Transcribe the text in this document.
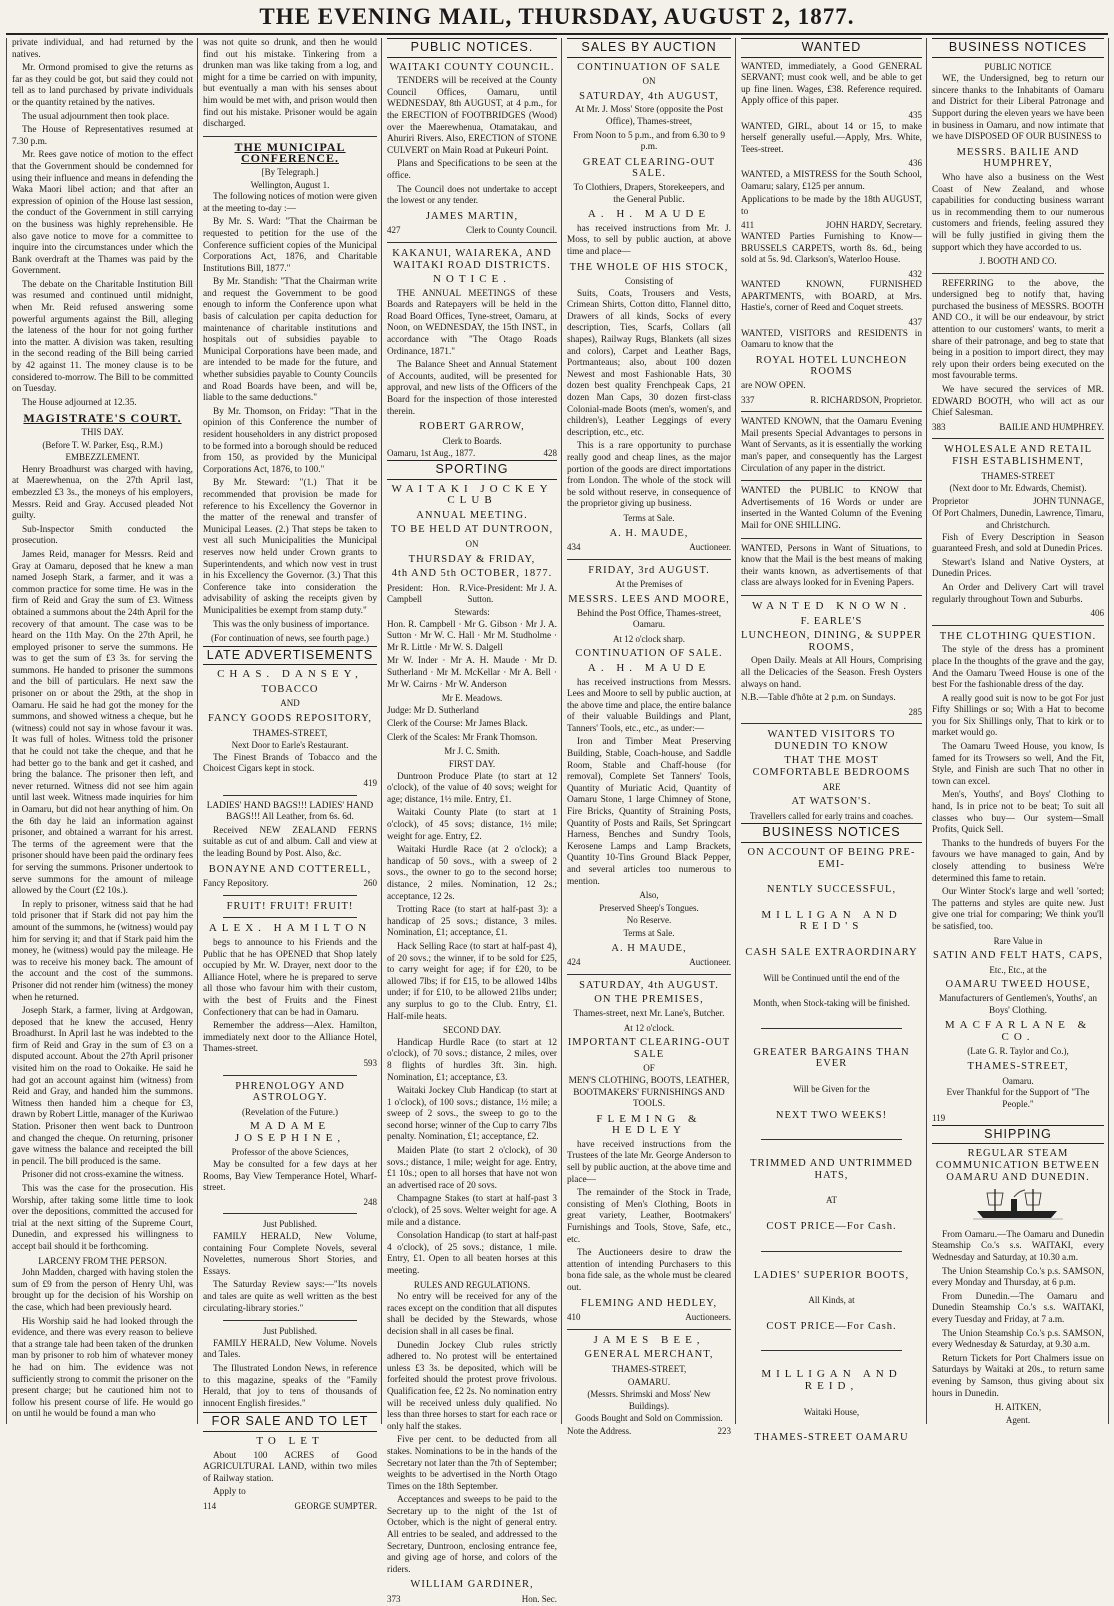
THE EVENING MAIL, THURSDAY, AUGUST 2, 1877.

private individual, and had returned by the natives.

Mr. Ormond promised to give the returns as far as they could be got, but said they could not tell as to land purchased by private individuals or the quantity retained by the natives.

The usual adjournment then took place.

The House of Representatives resumed at 7.30 p.m.

Mr. Rees gave notice of motion to the effect that the Government should be condemned for using their influence and means in defending the Waka Maori libel action; and that after an expression of opinion of the House last session, the conduct of the Government in still carrying on the business was highly reprehensible. He also gave notice to move for a committee to inquire into the circumstances under which the Bank overdraft at the Thames was paid by the Government.

The debate on the Charitable Institution Bill was resumed and continued until midnight, when Mr. Reid refused answering some powerful arguments against the Bill, alleging the lateness of the hour for not going further into the matter. A division was taken, resulting in the second reading of the Bill being carried by 42 against 11. The money clause is to be considered to-morrow. The Bill to be committed on Tuesday.

The House adjourned at 12.35.

MAGISTRATE'S COURT.
THIS DAY.
(Before T. W. Parker, Esq., R.M.)
EMBEZZLEMENT.

Henry Broadhurst was charged with having, at Maerewhenua, on the 27th April last, embezzled £3 3s., the moneys of his employers, Messrs. Reid and Gray. Accused pleaded Not guilty.

Sub-Inspector Smith conducted the prosecution.

James Reid, manager for Messrs. Reid and Gray at Oamaru, deposed that he knew a man named Joseph Stark, a farmer, and it was a common practice for some time. He was in the firm of Reid and Gray the sum of £3. Witness obtained a summons about the 24th April for the recovery of that amount. The case was to be heard on the 11th May. On the 27th April, he employed prisoner to serve the summons. He was to get the sum of £3 3s. for serving the summons. He handed to prisoner the summons and the bill of particulars. He next saw the prisoner on or about the 29th, at the shop in Oamaru. He said he had got the money for the summons, and showed witness a cheque, but he (witness) could not say in whose favour it was. It was full of holes. Witness told the prisoner that he could not take the cheque, and that he had better go to the bank and get it cashed, and bring the balance. The prisoner then left, and never returned. Witness did not see him again until last week. Witness made inquiries for him in Oamaru, but did not hear anything of him. On the 6th day he laid an information against prisoner, and obtained a warrant for his arrest. The terms of the agreement were that the prisoner should have been paid the ordinary fees for serving the summons. Prisoner undertook to serve summons for the amount of mileage allowed by the Court (£2 10s.).

In reply to prisoner, witness said that he had told prisoner that if Stark did not pay him the amount of the summons, he (witness) would pay him for serving it; and that if Stark paid him the money, he (witness) would pay the mileage. He was to receive his money back. The amount of the account and the cost of the summons. Prisoner did not render him (witness) the money when he returned.

Joseph Stark, a farmer, living at Ardgowan, deposed that he knew the accused, Henry Broadhurst. In April last he was indebted to the firm of Reid and Gray in the sum of £3 on a disputed account. About the 27th April prisoner visited him on the road to Ookaike. He said he had got an account against him (witness) from Reid and Gray, and handed him the summons. Witness then handed him a cheque for £3, drawn by Robert Little, manager of the Kuriwao Station. Prisoner then went back to Duntroon and changed the cheque. On returning, prisoner gave witness the balance and receipted the bill in pencil. The bill produced is the same.

Prisoner did not cross-examine the witness.

This was the case for the prosecution. His Worship, after taking some little time to look over the depositions, committed the accused for trial at the next sitting of the Supreme Court, Dunedin, and expressed his willingness to accept bail should it be forthcoming.

LARCENY FROM THE PERSON.

John Madden, charged with having stolen the sum of £9 from the person of Henry Uhl, was brought up for the decision of his Worship on the case, which had been previously heard.

His Worship said he had looked through the evidence, and there was every reason to believe that a strange tale had been taken of the drunken man by prisoner to rob him of whatever money he had on him. The evidence was not sufficiently strong to commit the prisoner on the present charge; but he cautioned him not to follow his present course of life. He would go on until he would be found a man who

was not quite so drunk, and then he would find out his mistake. Tinkering from a drunken man was like taking from a log, and might for a time be carried on with impunity, but eventually a man with his senses about him would be met with, and prison would then find out his mistake. Prisoner would be again discharged.

THE MUNICIPAL CONFERENCE.
[By Telegraph.]
Wellington, August 1.

The following notices of motion were given at the meeting to-day :—

By Mr. S. Ward: "That the Chairman be requested to petition for the use of the Conference sufficient copies of the Municipal Corporations Act, 1876, and Charitable Institutions Bill, 1877."

By Mr. Standish: "That the Chairman write and request the Government to be good enough to inform the Conference upon what basis of calculation per capita deduction for maintenance of charitable institutions and hospitals out of subsidies payable to Municipal Corporations have been made, and are intended to be made for the future, and whether subsidies payable to County Councils and Road Boards have been, and will be, liable to the same deductions."

By Mr. Thomson, on Friday: "That in the opinion of this Conference the number of resident householders in any district proposed to be formed into a borough should be reduced from 150, as provided by the Municipal Corporations Act, 1876, to 100."

By Mr. Steward: "(1.) That it be recommended that provision be made for reference to his Excellency the Governor in the matter of the renewal and transfer of Municipal Leases. (2.) That steps be taken to vest all such Municipalities the Municipal reserves now held under Crown grants to Superintendents, and which now vest in trust in his Excellency the Governor. (3.) That this Conference take into consideration the advisability of asking the receipts given by Municipalities be exempt from stamp duty."

This was the only business of importance.

(For continuation of news, see fourth page.)
LATE ADVERTISEMENTS
CHAS. DANSEY,
TOBACCO
AND
FANCY GOODS REPOSITORY,
THAMES-STREET,
Next Door to Earle's Restaurant.

The Finest Brands of Tobacco and the Choicest Cigars kept in stock.

419

LADIES' HAND BAGS!!! LADIES' HAND BAGS!!! All Leather, from 6s. 6d.

Received NEW ZEALAND FERNS suitable as cut of and album. Call and view at the leading Bound by Post. Also, &c.

BONAYNE AND COTTERELL,
Fancy Repository.	260
FRUIT! FRUIT! FRUIT!
ALEX. HAMILTON

begs to announce to his Friends and the Public that he has OPENED that Shop lately occupied by Mr. W. Drayer, next door to the Alliance Hotel, where he is prepared to serve all those who favour him with their custom, with the best of Fruits and the Finest Confectionery that can be had in Oamaru.

Remember the address—Alex. Hamilton, immediately next door to the Alliance Hotel, Thames-street.

593
PHRENOLOGY AND ASTROLOGY.
(Revelation of the Future.)
MADAME JOSEPHINE,
Professor of the above Sciences,

May be consulted for a few days at her Rooms, Bay View Temperance Hotel, Wharf-street.

248
Just Published.

FAMILY HERALD, New Volume, containing Four Complete Novels, several Novelettes, numerous Short Stories, and Essays.

The Saturday Review says:—"Its novels and tales are quite as well written as the best circulating-library stories."

Just Published.

FAMILY HERALD, New Volume. Novels and Tales.

The Illustrated London News, in reference to this magazine, speaks of the "Family Herald, that joy to tens of thousands of innocent English firesides."

FOR SALE AND TO LET
TO LET

About 100 ACRES of Good AGRICULTURAL LAND, within two miles of Railway station.

Apply to

114	GEORGE SUMPTER.
PUBLIC NOTICES.
WAITAKI COUNTY COUNCIL.

TENDERS will be received at the County Council Offices, Oamaru, until WEDNESDAY, 8th AUGUST, at 4 p.m., for the ERECTION of FOOTBRIDGES (Wood) over the Maerewhenua, Otamatakau, and Ahuriri Rivers. Also, ERECTION of STONE CULVERT on Main Road at Pukeuri Point.

Plans and Specifications to be seen at the office.

The Council does not undertake to accept the lowest or any tender.

JAMES MARTIN,
427	Clerk to County Council.
KAKANUI, WAIAREKA, AND WAITAKI ROAD DISTRICTS.
NOTICE.

THE ANNUAL MEETINGS of these Boards and Ratepayers will be held in the Road Board Offices, Tyne-street, Oamaru, at Noon, on WEDNESDAY, the 15th INST., in accordance with "The Otago Roads Ordinance, 1871."

The Balance Sheet and Annual Statement of Accounts, audited, will be presented for approval, and new lists of the Officers of the Board for the inspection of those interested therein.

ROBERT GARROW,
Clerk to Boards.
Oamaru, 1st Aug., 1877.	428
SPORTING
WAITAKI JOCKEY CLUB
ANNUAL MEETING.
TO BE HELD AT DUNTROON,
ON
THURSDAY & FRIDAY,
4th AND 5th OCTOBER, 1877.
President: Hon. R. Campbell
Vice-President: Mr J. A. Sutton.
Stewards:

Hon. R. Campbell · Mr G. Gibson · Mr J. A. Sutton · Mr W. C. Hall · Mr M. Studholme · Mr R. Little · Mr W. S. Dalgell

Mr W. Inder · Mr A. H. Maude · Mr D. Sutherland · Mr M. McKellar · Mr A. Bell · Mr W. Cairns · Mr W. Anderson

Mr E. Meadows.

Judge: Mr D. Sutherland

Clerk of the Course: Mr James Black.

Clerk of the Scales: Mr Frank Thomson.

Mr J. C. Smith.
FIRST DAY.

Duntroon Produce Plate (to start at 12 o'clock), of the value of 40 sovs; weight for age; distance, 1½ mile. Entry, £1.

Waitaki County Plate (to start at 1 o'clock), of 45 sovs; distance, 1½ mile; weight for age. Entry, £2.

Waitaki Hurdle Race (at 2 o'clock); a handicap of 50 sovs., with a sweep of 2 sovs., the owner to go to the second horse; distance, 2 miles. Nomination, 12 2s.; acceptance, 12 2s.

Trotting Race (to start at half-past 3): a handicap of 25 sovs.; distance, 3 miles. Nomination, £1; acceptance, £1.

Hack Selling Race (to start at half-past 4), of 20 sovs.; the winner, if to be sold for £25, to carry weight for age; if for £20, to be allowed 7lbs; if for £15, to be allowed 14lbs under; if for £10, to be allowed 21lbs under; any surplus to go to the Club. Entry, £1. Half-mile heats.

SECOND DAY.

Handicap Hurdle Race (to start at 12 o'clock), of 70 sovs.; distance, 2 miles, over 8 flights of hurdles 3ft. 3in. high. Nomination, £1; acceptance, £3.

Waitaki Jockey Club Handicap (to start at 1 o'clock), of 100 sovs.; distance, 1½ mile; a sweep of 2 sovs., the sweep to go to the second horse; winner of the Cup to carry 7lbs penalty. Nomination, £1; acceptance, £2.

Maiden Plate (to start 2 o'clock), of 30 sovs.; distance, 1 mile; weight for age. Entry, £1 10s.; open to all horses that have not won an advertised race of 20 sovs.

Champagne Stakes (to start at half-past 3 o'clock), of 25 sovs. Welter weight for age. A mile and a distance.

Consolation Handicap (to start at half-past 4 o'clock), of 25 sovs.; distance, 1 mile. Entry, £1. Open to all beaten horses at this meeting.

RULES AND REGULATIONS.

No entry will be received for any of the races except on the condition that all disputes shall be decided by the Stewards, whose decision shall in all cases be final.

Dunedin Jockey Club rules strictly adhered to. No protest will be entertained unless £3 3s. be deposited, which will be forfeited should the protest prove frivolous. Qualification fee, £2 2s. No nomination entry will be received unless duly qualified. No less than three horses to start for each race or only half the stakes.

Five per cent. to be deducted from all stakes. Nominations to be in the hands of the Secretary not later than the 7th of September; weights to be advertised in the North Otago Times on the 18th September.

Acceptances and sweeps to be paid to the Secretary up to the night of the 1st of October, which is the night of general entry. All entries to be sealed, and addressed to the Secretary, Duntroon, enclosing entrance fee, and giving age of horse, and colors of the riders.

WILLIAM GARDINER,
373	Hon. Sec.
SALES BY AUCTION
CONTINUATION OF SALE
ON
SATURDAY, 4th AUGUST,

At Mr. J. Moss' Store (opposite the Post Office), Thames-street,

From Noon to 5 p.m., and from 6.30 to 9 p.m.

GREAT CLEARING-OUT SALE.

To Clothiers, Drapers, Storekeepers, and the General Public.

A. H. MAUDE

has received instructions from Mr. J. Moss, to sell by public auction, at above time and place—

THE WHOLE OF HIS STOCK,
Consisting of

Suits, Coats, Trousers and Vests, Crimean Shirts, Cotton ditto, Flannel ditto, Drawers of all kinds, Socks of every description, Ties, Scarfs, Collars (all shapes), Railway Rugs, Blankets (all sizes and colors), Carpet and Leather Bags, Portmanteaus; also, about 100 dozen Newest and most Fashionable Hats, 30 dozen best quality Frenchpeak Caps, 21 dozen Man Caps, 30 dozen first-class Colonial-made Boots (men's, women's, and children's), Leather Leggings of every description, etc., etc.

This is a rare opportunity to purchase really good and cheap lines, as the major portion of the goods are direct importations from London. The whole of the stock will be sold without reserve, in consequence of the proprietor giving up business.

Terms at Sale.
A. H. MAUDE,
434	Auctioneer.
FRIDAY, 3rd AUGUST.
At the Premises of
MESSRS. LEES AND MOORE,

Behind the Post Office, Thames-street, Oamaru.

At 12 o'clock sharp.
CONTINUATION OF SALE.
A. H. MAUDE

has received instructions from Messrs. Lees and Moore to sell by public auction, at the above time and place, the entire balance of their valuable Buildings and Plant, Tanners' Tools, etc., etc., as under:—

Iron and Timber Meat Preserving Building, Stable, Coach-house, and Saddle Room, Stable and Chaff-house (for removal), Complete Set Tanners' Tools, Quantity of Muriatic Acid, Quantity of Oamaru Stone, 1 large Chimney of Stone, Fire Bricks, Quantity of Straining Posts, Quantity of Posts and Rails, Set Springcart Harness, Benches and Sundry Tools, Kerosene Lamps and Lamp Brackets, Quantity 10-Tins Ground Black Pepper, and several articles too numerous to mention.

Also,
Preserved Sheep's Tongues.
No Reserve.
Terms at Sale.
A. H MAUDE,
424	Auctioneer.
SATURDAY, 4th AUGUST.
ON THE PREMISES,

Thames-street, next Mr. Lane's, Butcher.

At 12 o'clock.
IMPORTANT CLEARING-OUT SALE
OF

MEN'S CLOTHING, BOOTS, LEATHER, BOOTMAKERS' FURNISHINGS AND TOOLS.

FLEMING & HEDLEY

have received instructions from the Trustees of the late Mr. George Anderson to sell by public auction, at the above time and place—

The remainder of the Stock in Trade, consisting of Men's Clothing, Boots in great variety, Leather, Bootmakers' Furnishings and Tools, Stove, Safe, etc., etc.

The Auctioneers desire to draw the attention of intending Purchasers to this bona fide sale, as the whole must be cleared out.

FLEMING AND HEDLEY,
410	Auctioneers.
JAMES BEE,
GENERAL MERCHANT,
THAMES-STREET,
OAMARU.
(Messrs. Shrimski and Moss' New Buildings).
Goods Bought and Sold on Commission.
Note the Address.	223
WANTED

WANTED, immediately, a Good GENERAL SERVANT; must cook well, and be able to get up fine linen. Wages, £38. Reference required. Apply office of this paper.

435

WANTED, GIRL, about 14 or 15, to make herself generally useful.—Apply, Mrs. White, Tees-street.

436

WANTED, a MISTRESS for the South School, Oamaru; salary, £125 per annum.

Applications to be made by the 18th AUGUST, to

411	JOHN HARDY, Secretary.

WANTED Parties Furnishing to Know—BRUSSELS CARPETS, worth 8s. 6d., being sold at 5s. 9d. Clarkson's, Waterloo House.

432

WANTED KNOWN, FURNISHED APARTMENTS, with BOARD, at Mrs. Hastie's, corner of Reed and Coquet streets.

437

WANTED, VISITORS and RESIDENTS in Oamaru to know that the

ROYAL HOTEL LUNCHEON ROOMS

are NOW OPEN.

337	R. RICHARDSON, Proprietor.

WANTED KNOWN, that the Oamaru Evening Mail presents Special Advantages to persons in Want of Servants, as it is essentially the working man's paper, and consequently has the Largest Circulation of any paper in the district.

WANTED the PUBLIC to KNOW that Advertisements of 16 Words or under are inserted in the Wanted Column of the Evening Mail for ONE SHILLING.

WANTED, Persons in Want of Situations, to know that the Mail is the best means of making their wants known, as advertisements of that class are always looked for in Evening Papers.

WANTED KNOWN.
F. EARLE'S
LUNCHEON, DINING, & SUPPER ROOMS,

Open Daily. Meals at All Hours, Comprising all the Delicacies of the Season. Fresh Oysters always on hand.

N.B.—Table d'hôte at 2 p.m. on Sundays.

285
WANTED VISITORS TO DUNEDIN TO KNOW
THAT THE MOST COMFORTABLE BEDROOMS
ARE
AT WATSON'S.
Travellers called for early trains and coaches.
BUSINESS NOTICES
ON ACCOUNT OF BEING PRE-EMI-
NENTLY SUCCESSFUL,
MILLIGAN AND REID'S
CASH SALE EXTRAORDINARY
Will be Continued until the end of the
Month, when Stock-taking will be finished.
GREATER BARGAINS THAN EVER
Will be Given for the
NEXT TWO WEEKS!
TRIMMED AND UNTRIMMED HATS,
AT
COST PRICE—For Cash.
LADIES' SUPERIOR BOOTS,
All Kinds, at
COST PRICE—For Cash.
MILLIGAN AND REID,
Waitaki House,
THAMES-STREET OAMARU
BUSINESS NOTICES
PUBLIC NOTICE

WE, the Undersigned, beg to return our sincere thanks to the Inhabitants of Oamaru and District for their Liberal Patronage and Support during the eleven years we have been in business in Oamaru, and now intimate that we have DISPOSED OF OUR BUSINESS to

MESSRS. BAILIE AND HUMPHREY,

Who have also a business on the West Coast of New Zealand, and whose capabilities for conducting business warrant us in recommending them to our numerous customers and friends, feeling assured they will be fully justified in giving them the support which they have accorded to us.

J. BOOTH AND CO.

REFERRING to the above, the undersigned beg to notify that, having purchased the business of MESSRS. BOOTH AND CO., it will be our endeavour, by strict attention to our customers' wants, to merit a share of their patronage, and beg to state that being in a position to import direct, they may rely upon their orders being executed on the most favourable terms.

We have secured the services of MR. EDWARD BOOTH, who will act as our Chief Salesman.

383	BAILIE AND HUMPHREY.
WHOLESALE AND RETAIL FISH ESTABLISHMENT,
THAMES-STREET
(Next door to Mr. Edwards, Chemist).
Proprietor	JOHN TUNNAGE,
Of Port Chalmers, Dunedin, Lawrence, Timaru, and Christchurch.

Fish of Every Description in Season guaranteed Fresh, and sold at Dunedin Prices.

Stewart's Island and Native Oysters, at Dunedin Prices.

An Order and Delivery Cart will travel regularly throughout Town and Suburbs.

406
THE CLOTHING QUESTION.

The style of the dress has a prominent place In the thoughts of the grave and the gay, And the Oamaru Tweed House is one of the best For the fashionable dress of the day.

A really good suit is now to be got For just Fifty Shillings or so; With a Hat to become you for Six Shillings only, That to kirk or to market would go.

The Oamaru Tweed House, you know, Is famed for its Trowsers so well, And the Fit, Style, and Finish are such That no other in town can excel.

Men's, Youths', and Boys' Clothing to hand, Is in price not to be beat; To suit all classes who buy— Our system—Small Profits, Quick Sell.

Thanks to the hundreds of buyers For the favours we have managed to gain, And by closely attending to business We're determined this fame to retain.

Our Winter Stock's large and well 'sorted; The patterns and styles are quite new. Just give one trial for comparing; We think you'll be satisfied, too.

Rare Value in
SATIN AND FELT HATS, CAPS,
Etc., Etc., at the
OAMARU TWEED HOUSE,

Manufacturers of Gentlemen's, Youths', an Boys' Clothing.

MACFARLANE & CO.
(Late G. R. Taylor and Co.),
THAMES-STREET,
Oamaru.

Ever Thankful for the Support of "The People."

119
SHIPPING
REGULAR STEAM COMMUNICATION BETWEEN OAMARU AND DUNEDIN.

From Oamaru.—The Oamaru and Dunedin Steamship Co.'s s.s. WAITAKI, every Wednesday and Saturday, at 10.30 a.m.

The Union Steamship Co.'s p.s. SAMSON, every Monday and Thursday, at 6 p.m.

From Dunedin.—The Oamaru and Dunedin Steamship Co.'s s.s. WAITAKI, every Tuesday and Friday, at 7 a.m.

The Union Steamship Co.'s p.s. SAMSON, every Wednesday & Saturday, at 9.30 a.m.

Return Tickets for Port Chalmers issue on Saturdays by Waitaki at 20s., to return same evening by Samson, thus giving about six hours in Dunedin.

H. AITKEN,
Agent.
